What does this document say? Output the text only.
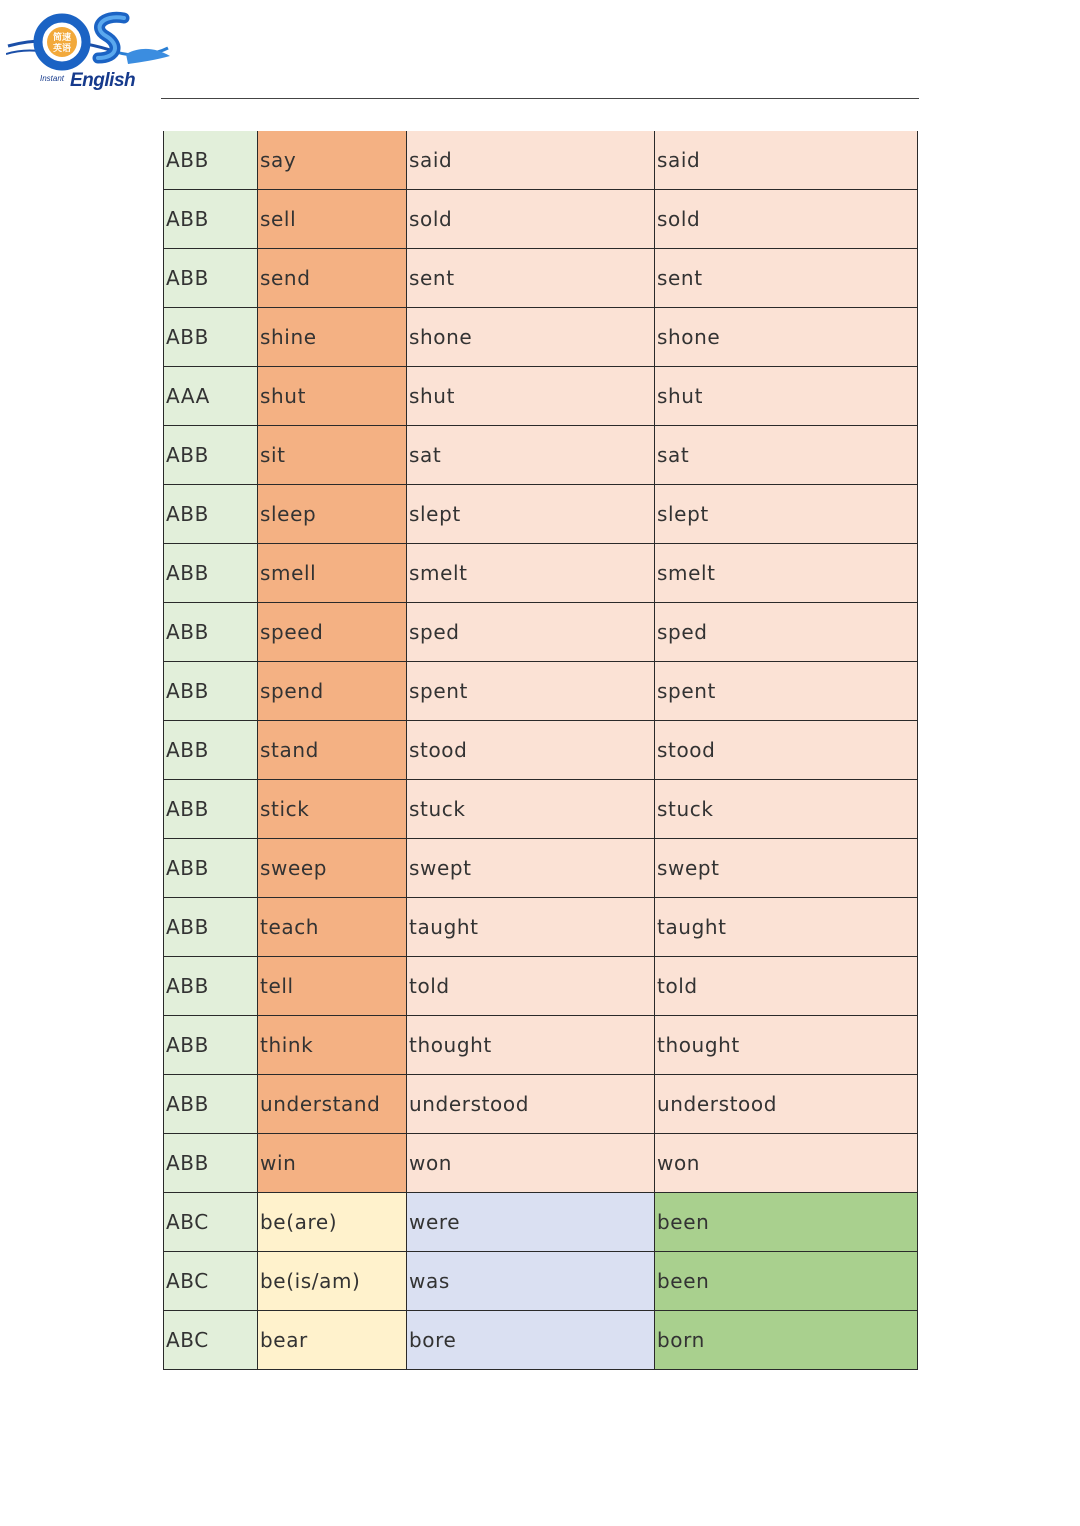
简速
英语
Instant English
ABB	say	said	said
ABB	sell	sold	sold
ABB	send	sent	sent
ABB	shine	shone	shone
AAA	shut	shut	shut
ABB	sit	sat	sat
ABB	sleep	slept	slept
ABB	smell	smelt	smelt
ABB	speed	sped	sped
ABB	spend	spent	spent
ABB	stand	stood	stood
ABB	stick	stuck	stuck
ABB	sweep	swept	swept
ABB	teach	taught	taught
ABB	tell	told	told
ABB	think	thought	thought
ABB	understand	understood	understood
ABB	win	won	won
ABC	be(are)	were	been
ABC	be(is/am)	was	been
ABC	bear	bore	born
